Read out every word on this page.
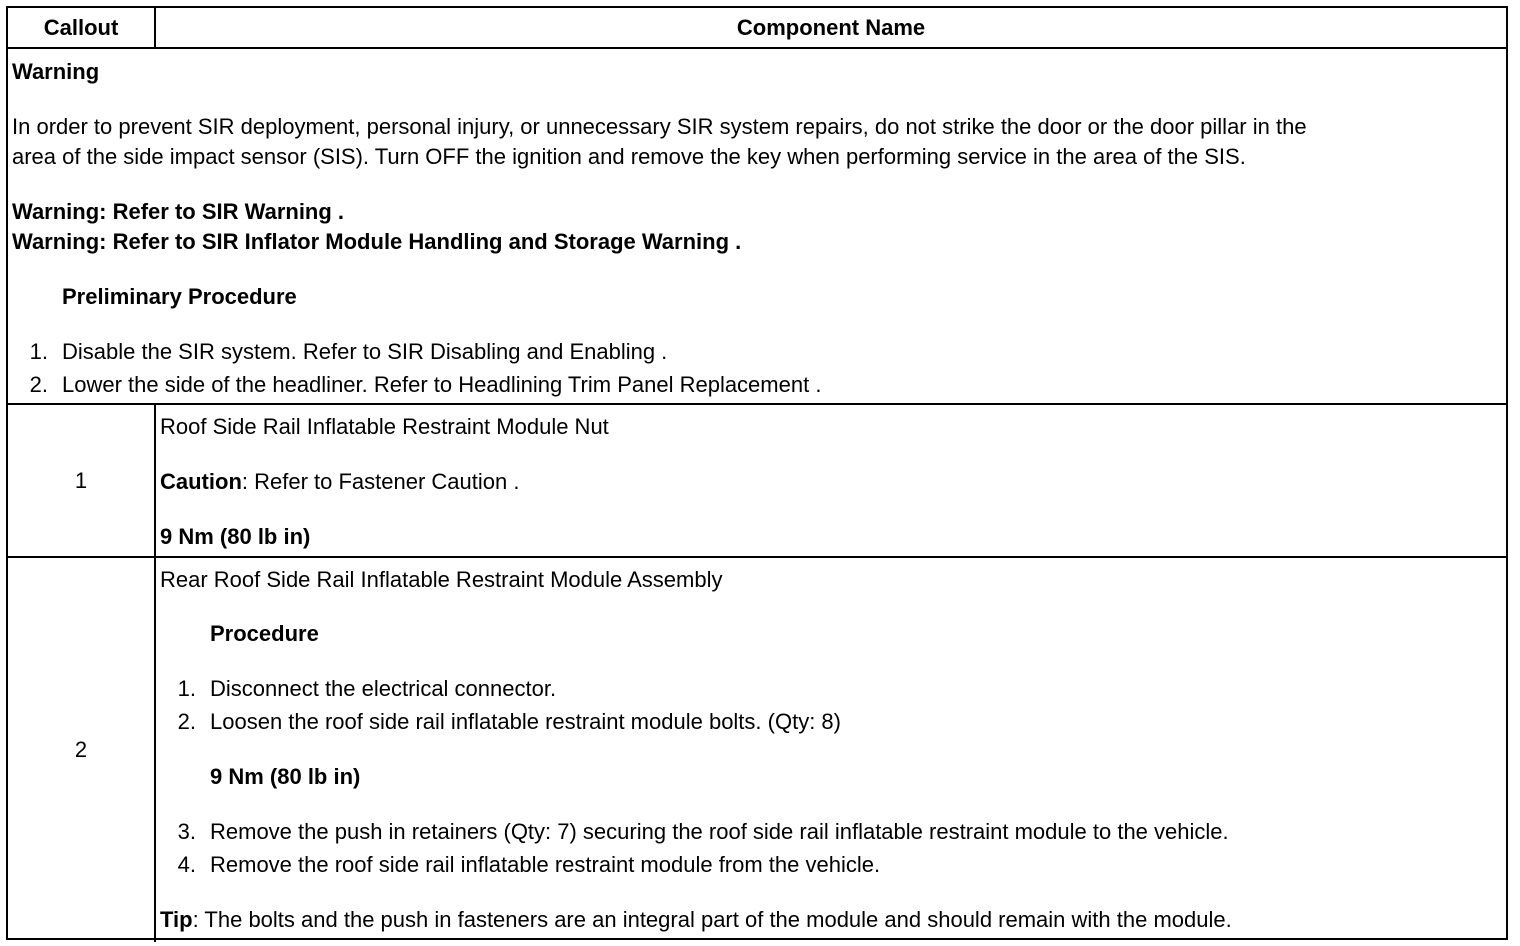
Callout	Component Name
Warning
In order to prevent SIR deployment, personal injury, or unnecessary SIR system repairs, do not strike the door or the door pillar in the
area of the side impact sensor (SIS). Turn OFF the ignition and remove the key when performing service in the area of the SIS.
Warning: Refer to SIR Warning .
Warning: Refer to SIR Inflator Module Handling and Storage Warning .
Preliminary Procedure
1. Disable the SIR system. Refer to SIR Disabling and Enabling .
2. Lower the side of the headliner. Refer to Headlining Trim Panel Replacement .
1
Roof Side Rail Inflatable Restraint Module Nut
Caution: Refer to Fastener Caution .
9 Nm (80 lb in)
2
Rear Roof Side Rail Inflatable Restraint Module Assembly
Procedure
1. Disconnect the electrical connector.
2. Loosen the roof side rail inflatable restraint module bolts. (Qty: 8)
9 Nm (80 lb in)
3. Remove the push in retainers (Qty: 7) securing the roof side rail inflatable restraint module to the vehicle.
4. Remove the roof side rail inflatable restraint module from the vehicle.
Tip: The bolts and the push in fasteners are an integral part of the module and should remain with the module.
